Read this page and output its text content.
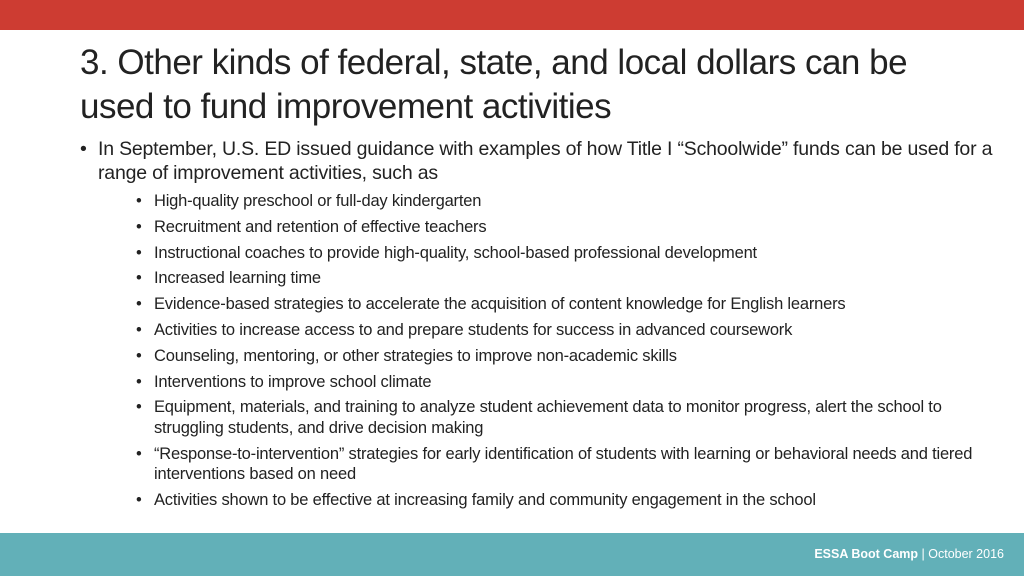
3. Other kinds of federal, state, and local dollars can be used to fund improvement activities
• In September, U.S. ED issued guidance with examples of how Title I “Schoolwide” funds can be used for a range of improvement activities, such as
• High-quality preschool or full-day kindergarten
• Recruitment and retention of effective teachers
• Instructional coaches to provide high-quality, school-based professional development
• Increased learning time
• Evidence-based strategies to accelerate the acquisition of content knowledge for English learners
• Activities to increase access to and prepare students for success in advanced coursework
• Counseling, mentoring, or other strategies to improve non-academic skills
• Interventions to improve school climate
• Equipment, materials, and training to analyze student achievement data to monitor progress, alert the school to struggling students, and drive decision making
• “Response-to-intervention” strategies for early identification of students with learning or behavioral needs and tiered interventions based on need
• Activities shown to be effective at increasing family and community engagement in the school
ESSA Boot Camp | October 2016
